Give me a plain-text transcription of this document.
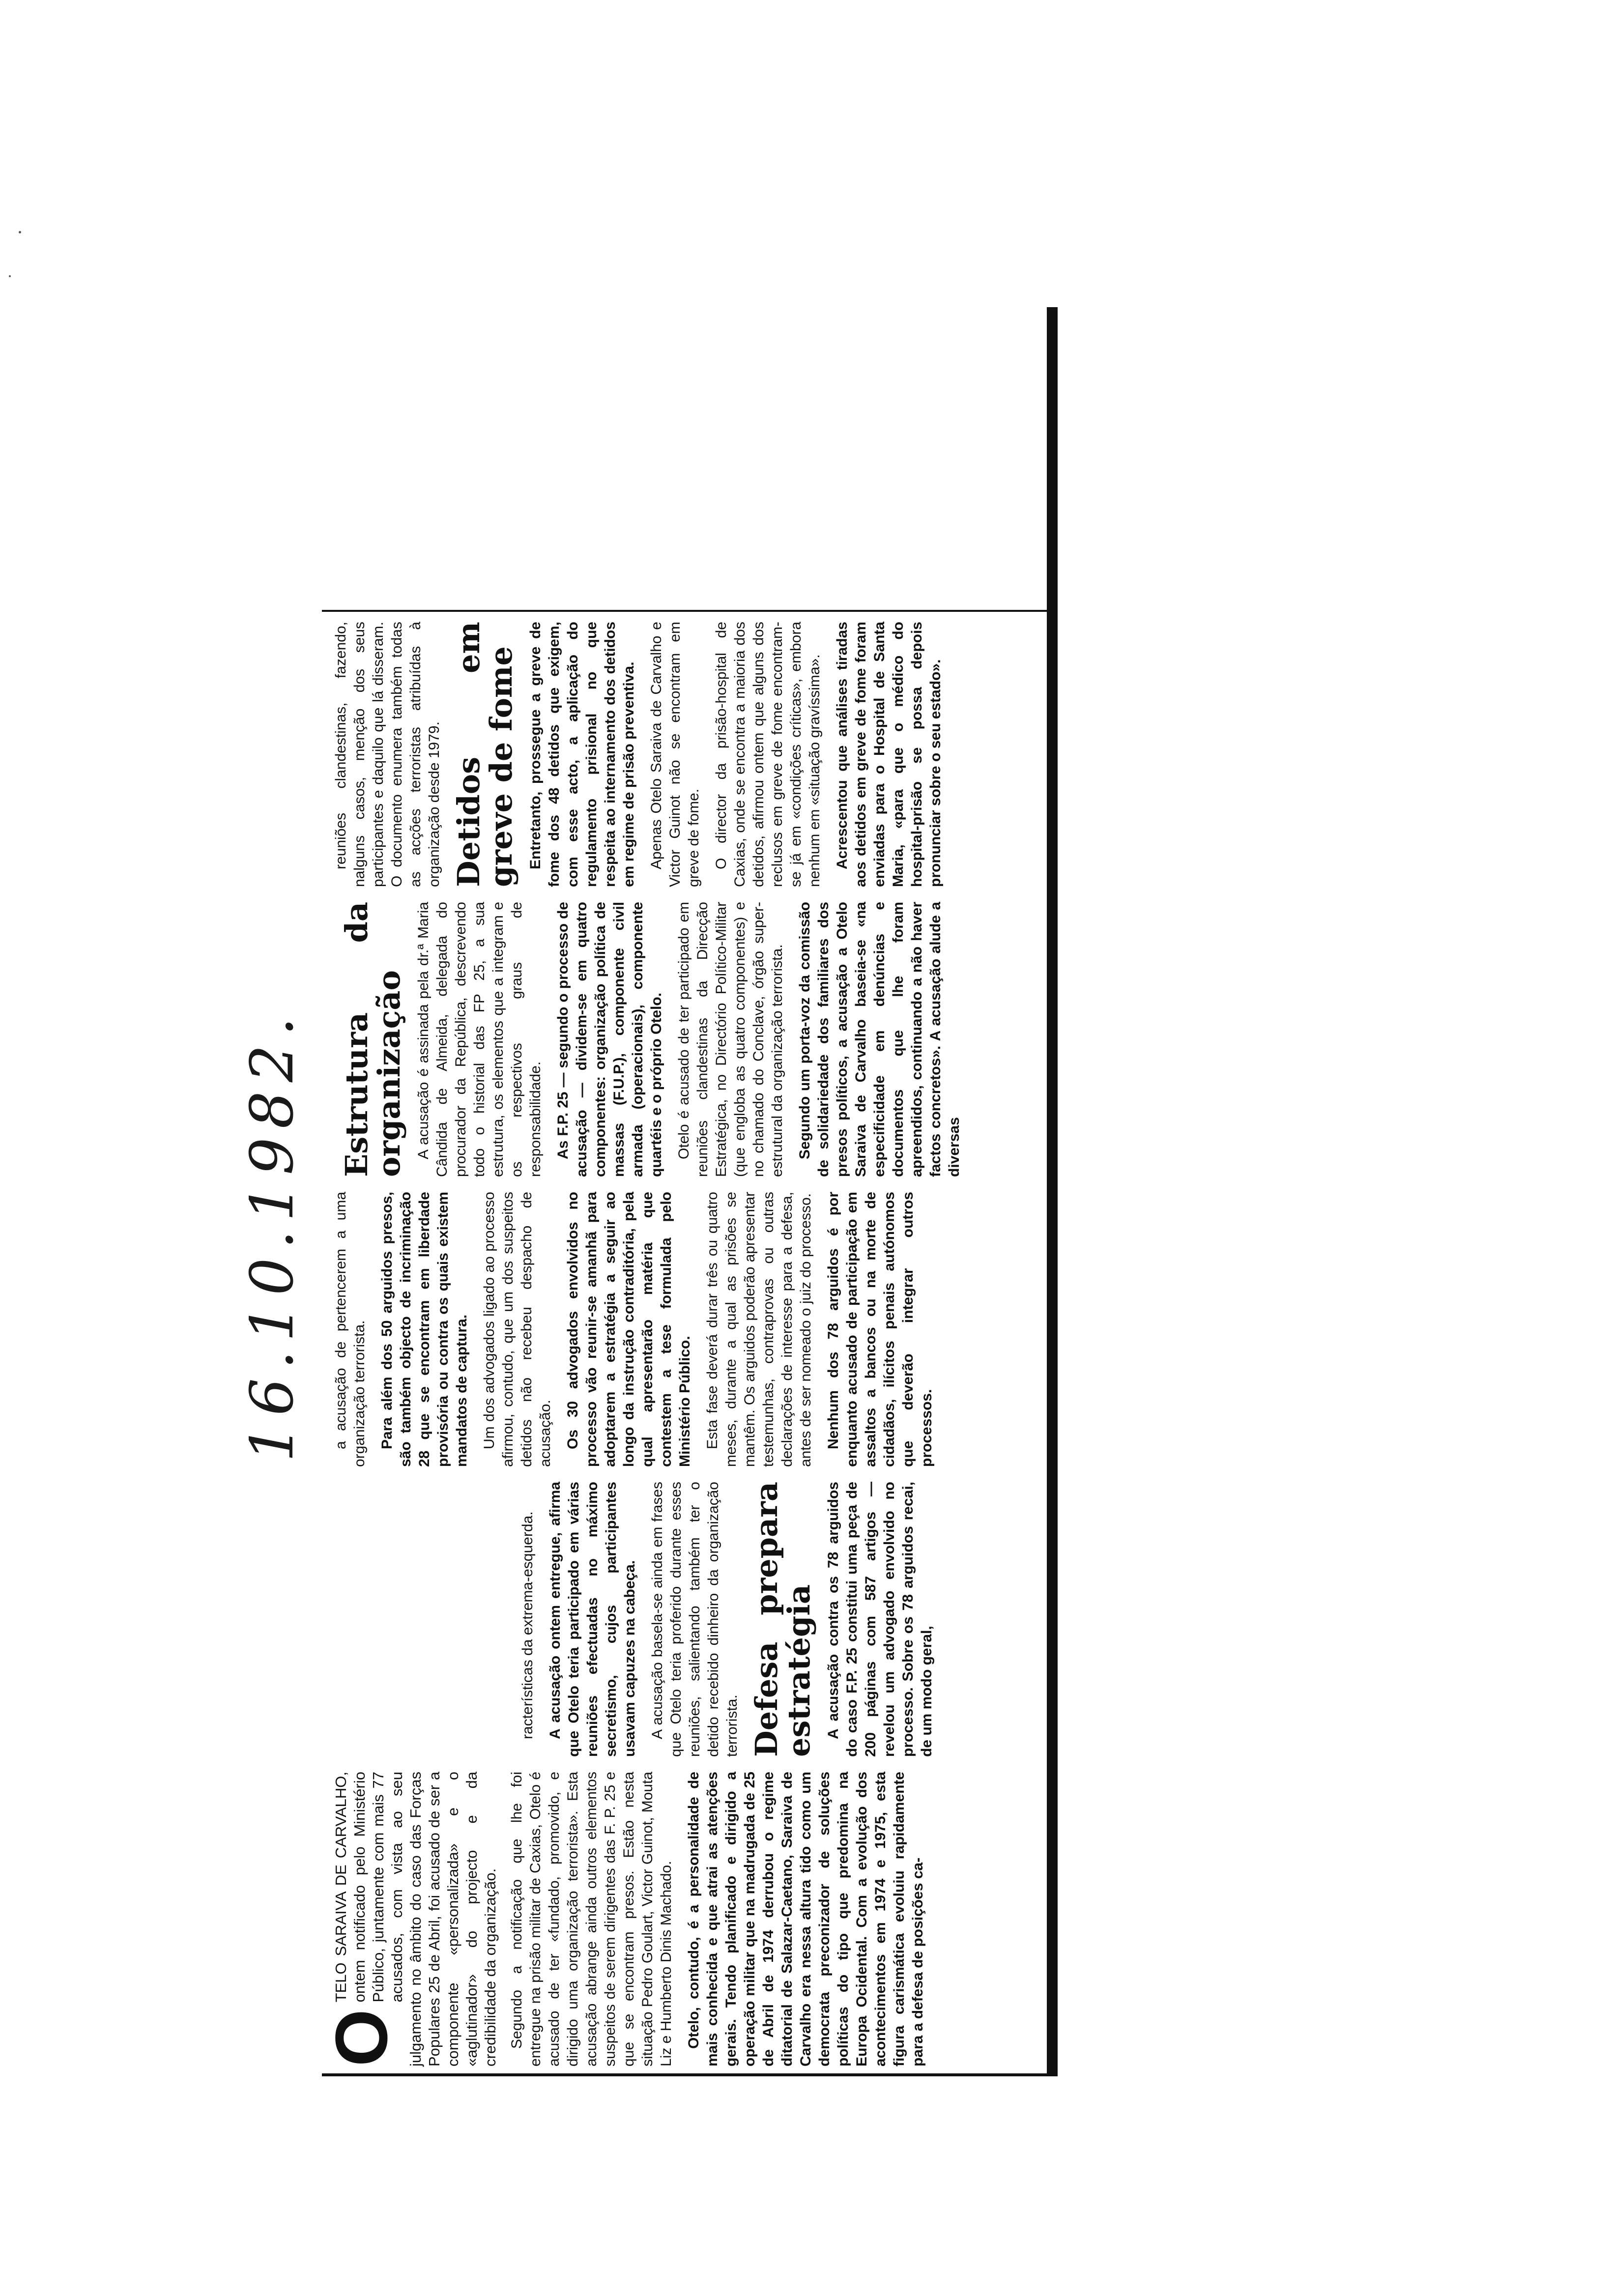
16.10.1982.
O
TELO SARAIVA DE CARVALHO, ontem notificado pelo Ministério Público, juntamente com mais 77 acusados, com vista ao seu julgamento no âmbito do caso das Forças Populares 25 de Abril, foi acusado de ser a componente «personalizada» e o «aglutinador» do projecto e da credibilidade da organização. Segundo a notificação que lhe foi entregue na prisão militar de Caxias, Otelo é acusado de ter «fundado, promovido, e dirigido uma organização terrorista». Esta acusação abrange ainda outros elementos suspeitos de serem dirigentes das F. P. 25 e que se encontram presos. Estão nesta situação Pedro Goulart, Victor Guinot, Mouta Liz e Humberto Dinis Machado. Otelo, contudo, é a personalidade de mais conhecida e que atrai as atenções gerais. Tendo planificado e dirigido a operação militar que na madrugada de 25 de Abril de 1974 derrubou o regime ditatorial de Salazar-Caetano, Saraiva de Carvalho era nessa altura tido como um democrata preconizador de soluções políticas do tipo que predomina na Europa Ocidental. Com a evolução dos acontecimentos em 1974 e 1975, esta figura carismática evoluiu rapidamente para a defesa de posições ca-

racterísticas da extrema-esquerda. A acusação ontem entregue, afirma que Otelo teria participado em várias reuniões efectuadas no máximo secretismo, cujos participantes usavam capuzes na cabeça. A acusação basela-se ainda em frases que Otelo teria proferido durante esses reuniões, salientando também ter o detido recebido dinheiro da organização terrorista. Defesa prepara estratégia A acusação contra os 78 arguidos do caso F.P. 25 constitui uma peça de 200 páginas com 587 artigos — revelou um advogado envolvido no processo. Sobre os 78 arguidos recai, de um modo geral,

a acusação de pertencerem a uma organização terrorista. Para além dos 50 arguidos presos, são também objecto de incriminação 28 que se encontram em liberdade provisória ou contra os quais existem mandatos de captura. Um dos advogados ligado ao processo afirmou, contudo, que um dos suspeitos detidos não recebeu despacho de acusação. Os 30 advogados envolvidos no processo vão reunir-se amanhã para adoptarem a estratégia a seguir ao longo da instrução contraditória, pela qual apresentarão matéria que contestem a tese formulada pelo Ministério Público. Esta fase deverá durar três ou quatro meses, durante a qual as prisões se mantêm. Os arguidos poderão apresentar testemunhas, contraprovas ou outras declarações de interesse para a defesa, antes de ser nomeado o juiz do processo. Nenhum dos 78 arguidos é por enquanto acusado de participação em assaltos a bancos ou na morte de cidadãos, ilícitos penais autónomos que deverão integrar outros processos.

Estrutura da organização A acusação é assinada pela dr.ª Maria Cândida de Almeida, delegada do procurador da República, descrevendo todo o historial das FP 25, a sua estrutura, os elementos que a integram e os respectivos graus de responsabilidade. As F.P. 25 — segundo o processo de acusação — dividem-se em quatro componentes: organização política de massas (F.U.P.), componente civil armada (operacionais), componente quartéis e o próprio Otelo. Otelo é acusado de ter participado em reuniões clandestinas da Direcção Estratégica, no Directório Político-Militar (que engloba as quatro componentes) e no chamado do Conclave, órgão super-estrutural da organização terrorista. Segundo um porta-voz da comissão de solidariedade dos familiares dos presos políticos, a acusação a Otelo Saraiva de Carvalho baseia-se «na especificidade em denúncias e documentos que lhe foram apreendidos, continuando a não haver factos concretos». A acusação alude a diversas

reuniões clandestinas, fazendo, nalguns casos, menção dos seus participantes e daquilo que lá disseram. O documento enumera também todas as acções terroristas atribuídas à organização desde 1979. Detidos em greve de fome Entretanto, prossegue a greve de fome dos 48 detidos que exigem, com esse acto, a aplicação do regulamento prisional no que respeita ao internamento dos detidos em regime de prisão preventiva. Apenas Otelo Saraiva de Carvalho e Victor Guinot não se encontram em greve de fome. O director da prisão-hospital de Caxias, onde se encontra a maioria dos detidos, afirmou ontem que alguns dos reclusos em greve de fome encontram-se já em «condições críticas», embora nenhum em «situação gravíssima». Acrescentou que análises tiradas aos detidos em greve de fome foram enviadas para o Hospital de Santa Maria, «para que o médico do hospital-prisão se possa depois pronunciar sobre o seu estado».
